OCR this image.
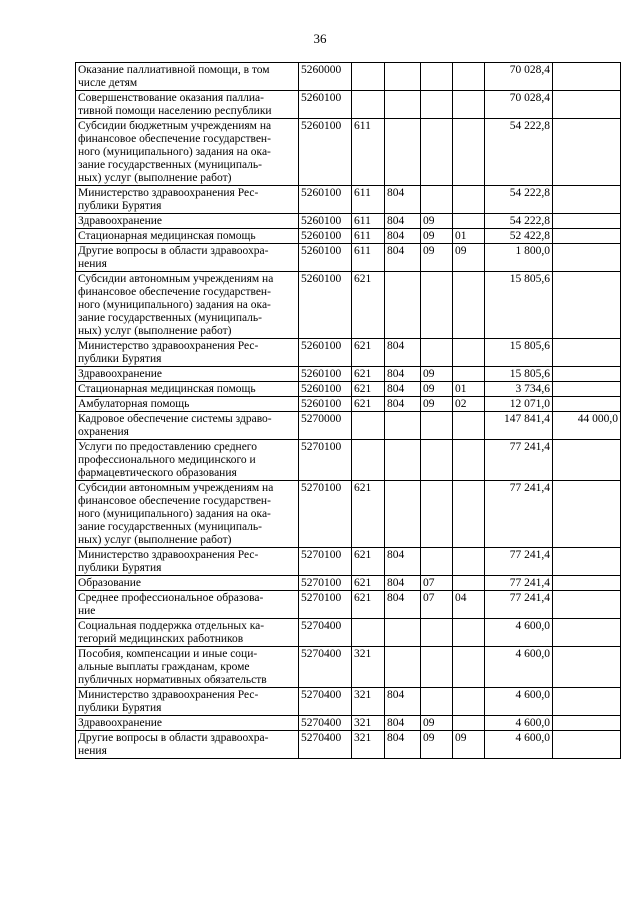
36
Оказание паллиативной помощи, в том
числе детям	5260000					70 028,4	

Совершенствование оказания паллиа-
тивной помощи населению республики	5260100					70 028,4	

Субсидии бюджетным учреждениям на
финансовое обеспечение государствен-
ного (муниципального) задания на ока-
зание государственных (муниципаль-
ных) услуг (выполнение работ)	5260100	611				54 222,8	

Министерство здравоохранения Рес-
публики Бурятия	5260100	611	804			54 222,8	

Здравоохранение	5260100	611	804	09		54 222,8	

Стационарная медицинская помощь	5260100	611	804	09	01	52 422,8	

Другие вопросы в области здравоохра-
нения	5260100	611	804	09	09	1 800,0	

Субсидии автономным учреждениям на
финансовое обеспечение государствен-
ного (муниципального) задания на ока-
зание государственных (муниципаль-
ных) услуг (выполнение работ)	5260100	621				15 805,6	

Министерство здравоохранения Рес-
публики Бурятия	5260100	621	804			15 805,6	

Здравоохранение	5260100	621	804	09		15 805,6	

Стационарная медицинская помощь	5260100	621	804	09	01	3 734,6	

Амбулаторная помощь	5260100	621	804	09	02	12 071,0	

Кадровое обеспечение системы здраво-
охранения	5270000					147 841,4	44 000,0

Услуги по предоставлению среднего
профессионального медицинского и
фармацевтического образования	5270100					77 241,4	

Субсидии автономным учреждениям на
финансовое обеспечение государствен-
ного (муниципального) задания на ока-
зание государственных (муниципаль-
ных) услуг (выполнение работ)	5270100	621				77 241,4	

Министерство здравоохранения Рес-
публики Бурятия	5270100	621	804			77 241,4	

Образование	5270100	621	804	07		77 241,4	

Среднее профессиональное образова-
ние	5270100	621	804	07	04	77 241,4	

Социальная поддержка отдельных ка-
тегорий медицинских работников	5270400					4 600,0	

Пособия, компенсации и иные соци-
альные выплаты гражданам, кроме
публичных нормативных обязательств	5270400	321				4 600,0	

Министерство здравоохранения Рес-
публики Бурятия	5270400	321	804			4 600,0	

Здравоохранение	5270400	321	804	09		4 600,0	

Другие вопросы в области здравоохра-
нения	5270400	321	804	09	09	4 600,0	
